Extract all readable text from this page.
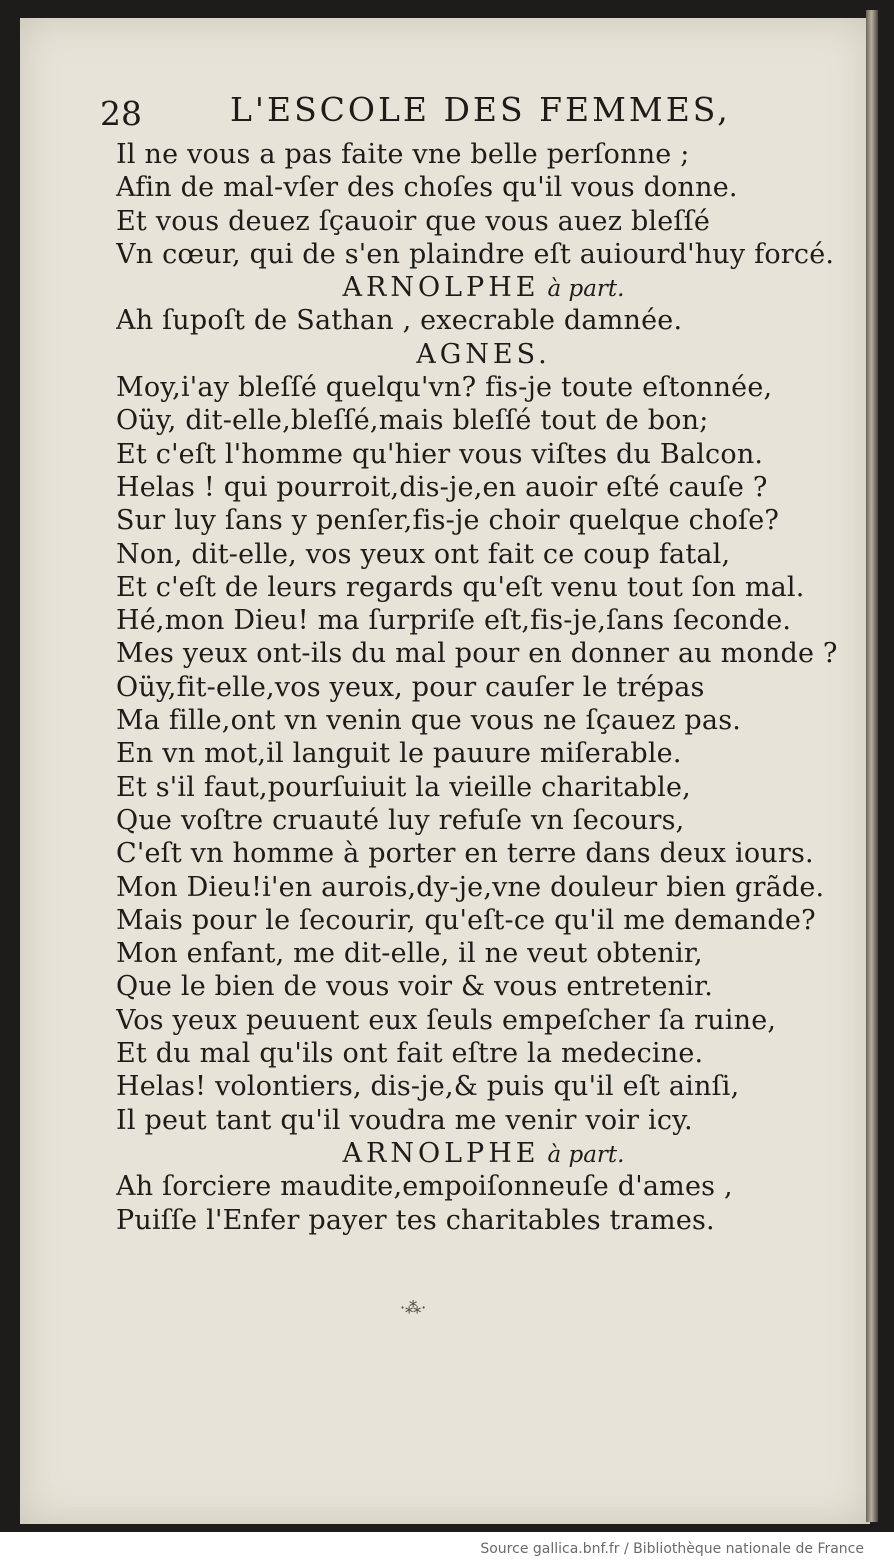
28	L'ESCOLE DES FEMMES,
Il ne vous a pas faite vne belle perſonne ;
Afin de mal-vſer des choſes qu'il vous donne.
Et vous deuez ſçauoir que vous auez bleſſé
Vn cœur, qui de s'en plaindre eſt auiourd'huy forcé.
ARNOLPHE à part.
Ah ſupoſt de Sathan , execrable damnée.
AGNES.
Moy,i'ay bleſſé quelqu'vn? fis-je toute eſtonnée,
Oüy, dit-elle,bleſſé,mais bleſſé tout de bon;
Et c'eſt l'homme qu'hier vous viſtes du Balcon.
Helas ! qui pourroit,dis-je,en auoir eſté cauſe ?
Sur luy ſans y penſer,fis-je choir quelque choſe?
Non, dit-elle, vos yeux ont fait ce coup fatal,
Et c'eſt de leurs regards qu'eſt venu tout ſon mal.
Hé,mon Dieu! ma ſurpriſe eſt,fis-je,ſans ſeconde.
Mes yeux ont-ils du mal pour en donner au monde ?
Oüy,fit-elle,vos yeux, pour cauſer le trépas
Ma fille,ont vn venin que vous ne ſçauez pas.
En vn mot,il languit le pauure miſerable.
Et s'il faut,pourſuiuit la vieille charitable,
Que voſtre cruauté luy refuſe vn ſecours,
C'eſt vn homme à porter en terre dans deux iours.
Mon Dieu!i'en aurois,dy-je,vne douleur bien grãde.
Mais pour le ſecourir, qu'eſt-ce qu'il me demande?
Mon enfant, me dit-elle, il ne veut obtenir,
Que le bien de vous voir & vous entretenir.
Vos yeux peuuent eux ſeuls empeſcher ſa ruine,
Et du mal qu'ils ont fait eſtre la medecine.
Helas! volontiers, dis-je,& puis qu'il eſt ainſi,
Il peut tant qu'il voudra me venir voir icy.
ARNOLPHE à part.
Ah ſorciere maudite,empoiſonneuſe d'ames ,
Puiſſe l'Enfer payer tes charitables trames.
·⁂·
Source gallica.bnf.fr / Bibliothèque nationale de France
